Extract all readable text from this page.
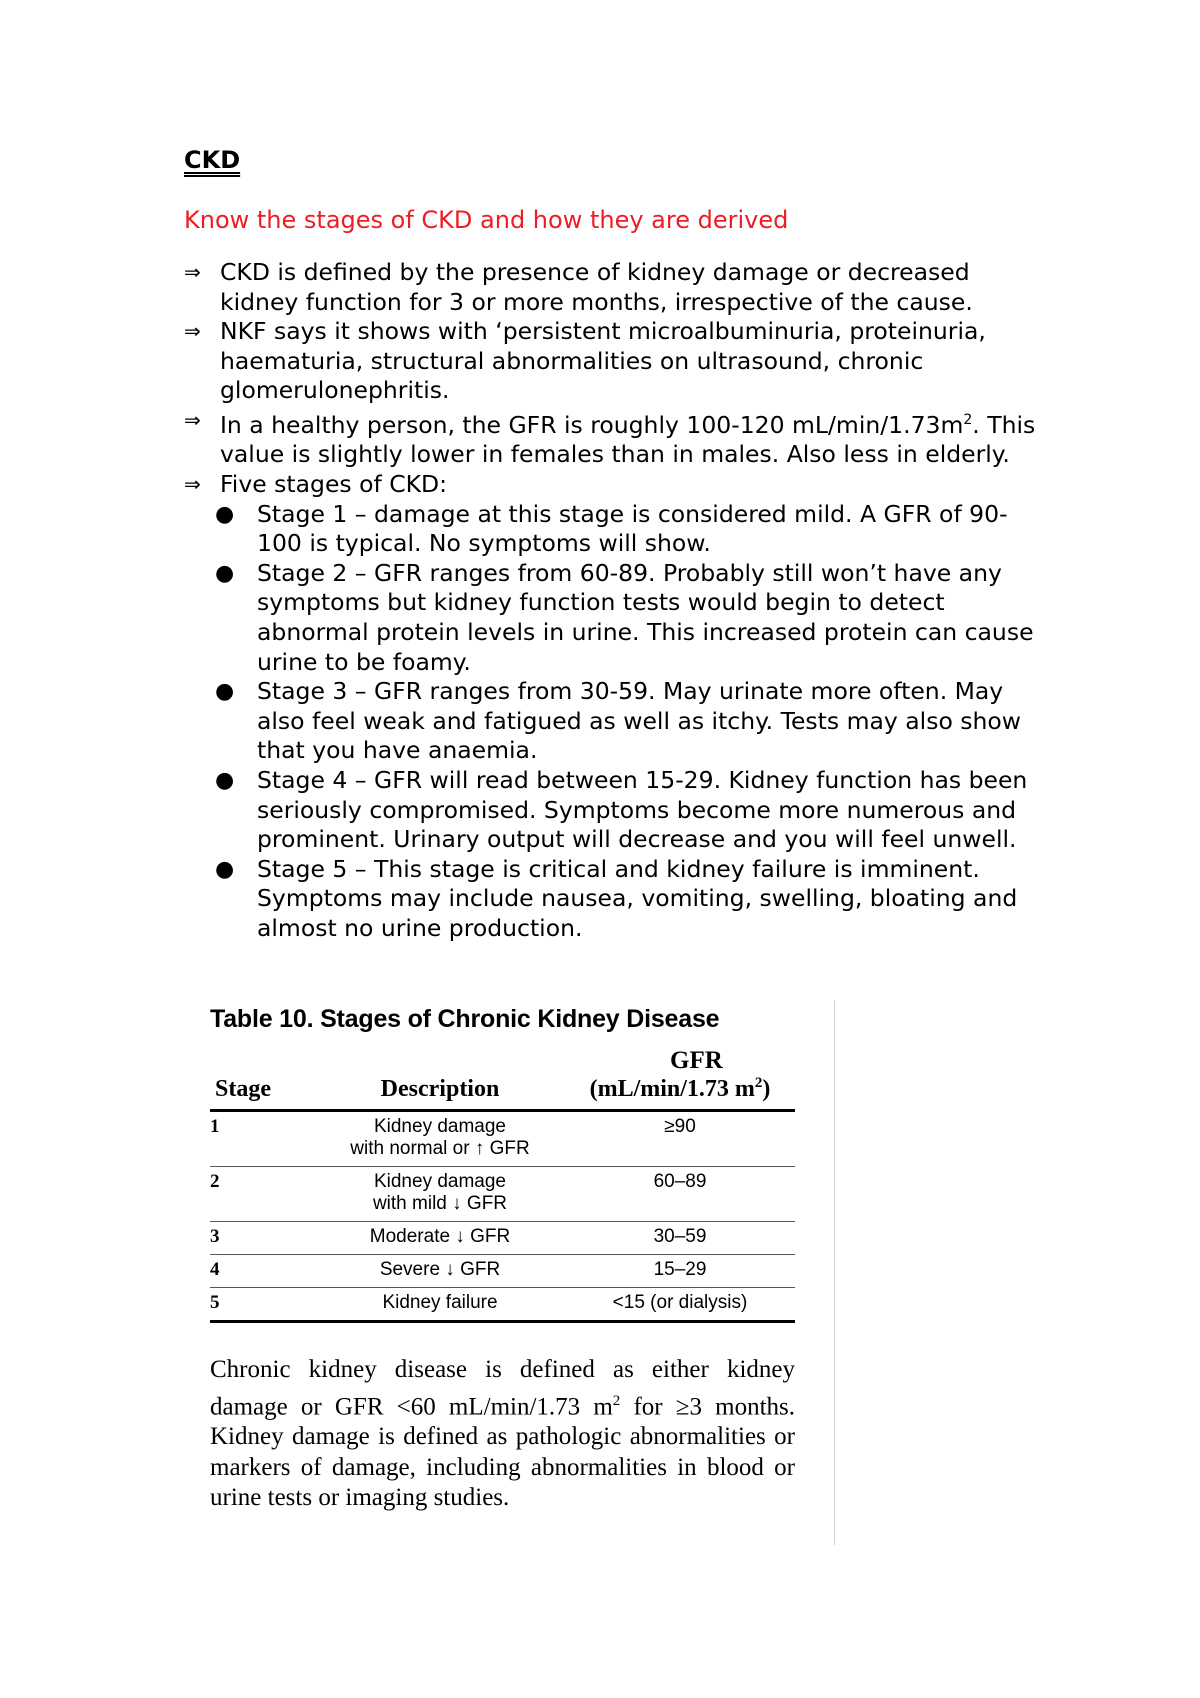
CKD
Know the stages of CKD and how they are derived
⇒ CKD is defined by the presence of kidney damage or decreased kidney function for 3 or more months, irrespective of the cause.
⇒ NKF says it shows with ‘persistent microalbuminuria, proteinuria, haematuria, structural abnormalities on ultrasound, chronic glomerulonephritis.
⇒ In a healthy person, the GFR is roughly 100-120 $mL/\min/1.73m^2$. This value is slightly lower in females than in males. Also less in elderly.
⇒ Five stages of CKD:
● Stage 1 – damage at this stage is considered mild. A GFR of 90-100 is typical. No symptoms will show.
● Stage 2 – GFR ranges from 60-89. Probably still won’t have any symptoms but kidney function tests would begin to detect abnormal protein levels in urine. This increased protein can cause urine to be foamy.
● Stage 3 – GFR ranges from 30-59. May urinate more often. May also feel weak and fatigued as well as itchy. Tests may also show that you have anaemia.
● Stage 4 – GFR will read between 15-29. Kidney function has been seriously compromised. Symptoms become more numerous and prominent. Urinary output will decrease and you will feel unwell.
● Stage 5 – This stage is critical and kidney failure is imminent. Symptoms may include nausea, vomiting, swelling, bloating and almost no urine production.
Table 10. Stages of Chronic Kidney Disease
GFR
Stage	Description	(mL/min/1.73 $m^2$)
1	Kidney damage
with normal or ↑ GFR	≥90
2	Kidney damage
with mild ↓ GFR	60–89
3	Moderate ↓ GFR	30–59
4	Severe ↓ GFR	15–29
5	Kidney failure	<15 (or dialysis)
Chronic kidney disease is defined as either kidney damage or GFR <60 mL/min/1.73 $m^2$ for ≥3 months. Kidney damage is defined as pathologic abnormalities or markers of damage, including abnormalities in blood or urine tests or imaging studies.
